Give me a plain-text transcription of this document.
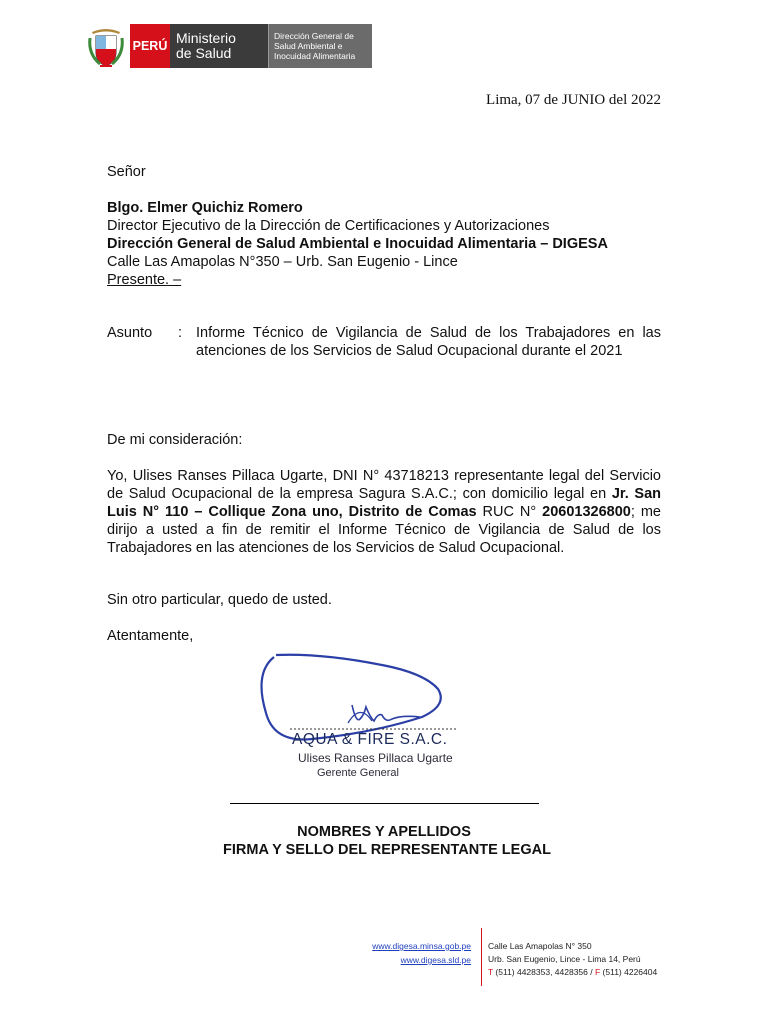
PERÚ Ministerio
de Salud
Dirección General de
Salud Ambiental e
Inocuidad Alimentaria
Lima, 07 de JUNIO del 2022
Señor
Blgo. Elmer Quichiz Romero
Director Ejecutivo de la Dirección de Certificaciones y Autorizaciones
Dirección General de Salud Ambiental e Inocuidad Alimentaria – DIGESA
Calle Las Amapolas N°350 – Urb. San Eugenio - Lince
Presente. –
Asunto : Informe Técnico de Vigilancia de Salud de los Trabajadores en las
atenciones de los Servicios de Salud Ocupacional durante el 2021
De mi consideración:
Yo, Ulises Ranses Pillaca Ugarte, DNI N° 43718213 representante legal del Servicio de Salud Ocupacional de la empresa Sagura S.A.C.; con domicilio legal en Jr. San Luis N° 110 – Collique Zona uno, Distrito de Comas RUC N° 20601326800; me dirijo a usted a fin de remitir el Informe Técnico de Vigilancia de Salud de los Trabajadores en las atenciones de los Servicios de Salud Ocupacional.
Sin otro particular, quedo de usted.
Atentamente,
AQUA & FIRE S.A.C.
Ulises Ranses Pillaca Ugarte
Gerente General
NOMBRES Y APELLIDOS
FIRMA Y SELLO DEL REPRESENTANTE LEGAL
www.digesa.minsa.gob.pe
www.digesa.sld.pe
Calle Las Amapolas N° 350
Urb. San Eugenio, Lince - Lima 14, Perú
T (511) 4428353, 4428356 / F (511) 4226404
